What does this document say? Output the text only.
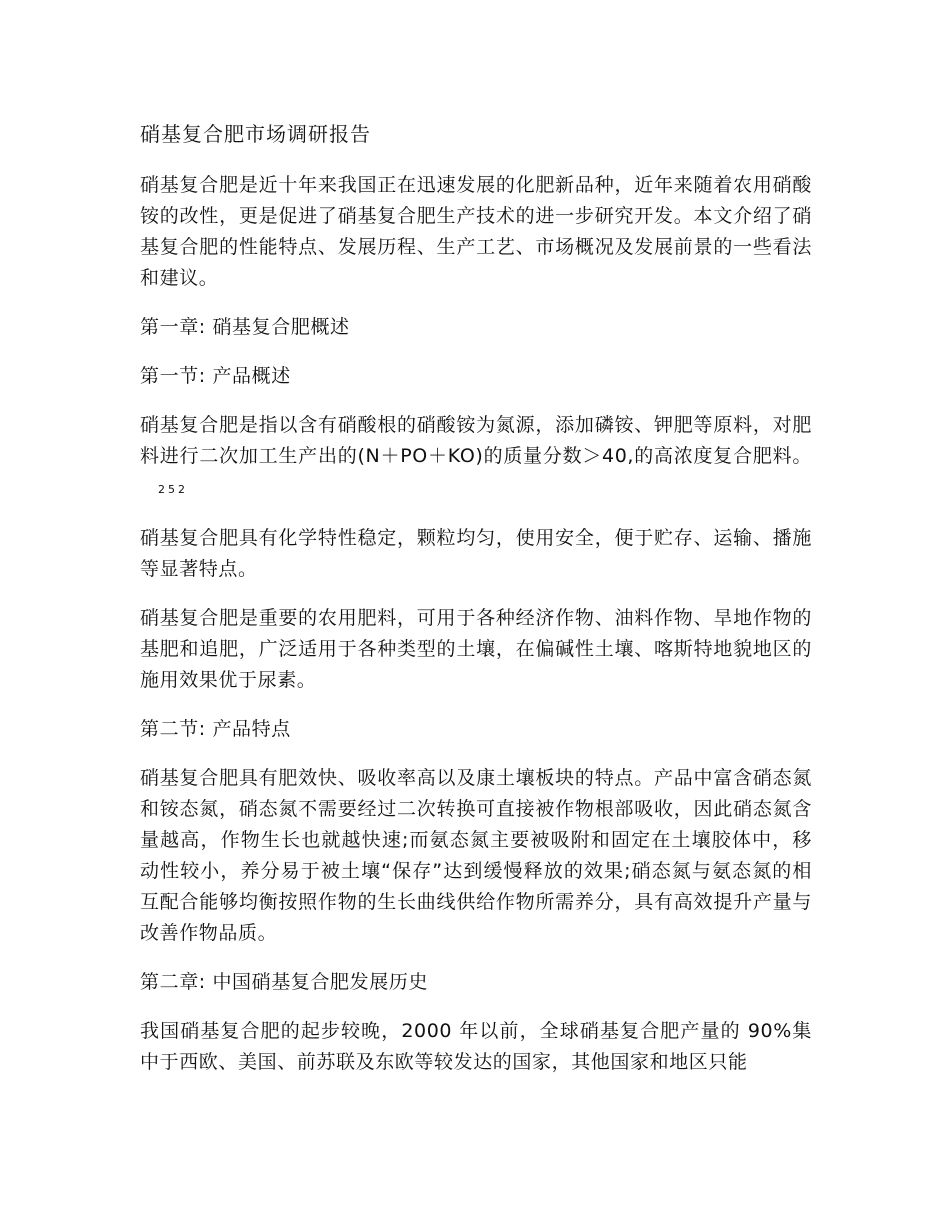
硝基复合肥市场调研报告

硝基复合肥是近十年来我国正在迅速发展的化肥新品种，近年来随着农用硝酸铵的改性，更是促进了硝基复合肥生产技术的进一步研究开发。本文介绍了硝基复合肥的性能特点、发展历程、生产工艺、市场概况及发展前景的一些看法和建议。

第一章: 硝基复合肥概述

第一节: 产品概述

硝基复合肥是指以含有硝酸根的硝酸铵为氮源，添加磷铵、钾肥等原料，对肥料进行二次加工生产出的(N＋PO＋KO)的质量分数＞40,的高浓度复合肥料。252

硝基复合肥具有化学特性稳定，颗粒均匀，使用安全，便于贮存、运输、播施等显著特点。

硝基复合肥是重要的农用肥料，可用于各种经济作物、油料作物、旱地作物的基肥和追肥，广泛适用于各种类型的土壤，在偏碱性土壤、喀斯特地貌地区的施用效果优于尿素。

第二节: 产品特点

硝基复合肥具有肥效快、吸收率高以及康土壤板块的特点。产品中富含硝态氮和铵态氮，硝态氮不需要经过二次转换可直接被作物根部吸收，因此硝态氮含量越高，作物生长也就越快速;而氨态氮主要被吸附和固定在土壤胶体中，移动性较小，养分易于被土壤“保存”达到缓慢释放的效果;硝态氮与氨态氮的相互配合能够均衡按照作物的生长曲线供给作物所需养分，具有高效提升产量与改善作物品质。

第二章: 中国硝基复合肥发展历史

我国硝基复合肥的起步较晚，2000 年以前，全球硝基复合肥产量的 90%集中于西欧、美国、前苏联及东欧等较发达的国家，其他国家和地区只能
